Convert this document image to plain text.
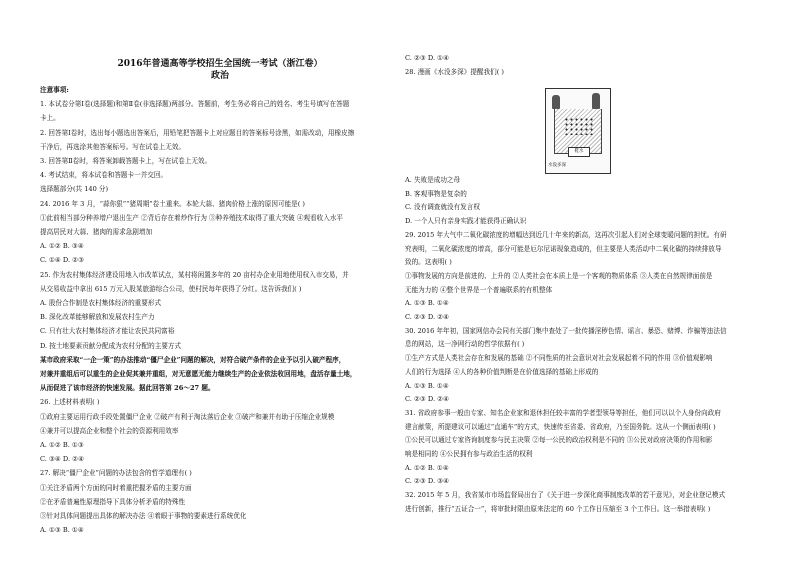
2016年普通高等学校招生全国统一考试（浙江卷）
政治
注意事项:
1. 本试卷分第Ⅰ卷(选择题)和第Ⅱ卷(非选择题)两部分。答题前，考生务必将自己的姓名、考生号填写在答题
卡上。
2. 回答第Ⅰ卷时，选出每小题选出答案后，用铅笔把答题卡上对应题目的答案标号涂黑，如需改动，用橡皮擦
干净后，再选涂其他答案标号。写在试卷上无效。
3. 回答第Ⅱ卷时，将答案卸载答题卡上，写在试卷上无效。
4. 考试结束，将本试卷和答题卡一并交回。
选择题部分(共 140 分)
24. 2016 年 3 月，“蒜你狠”“猪周期”卷土重来。本轮大蒜、猪肉价格上涨的原因可能是( )
①此前相当部分种养增户退出生产 ②背后存在着炒作行为 ③种养殖技术取得了重大突破 ④观看收入水平
提高居民对大蒜、猪肉的需求急剧增加
A. ①② B. ③④
C. ①④ D. ②③
25. 作为农村集体经济建设用地入市改革试点，某村将闲置多年的 20 亩村办企业用地使用权入市交易，并
从交易收益中拿出 615 万元入股某旅游综合公司，使村民每年获得了分红。这告诉我们( )
A. 股份合作制是农村集体经济的重要形式
B. 深化改革能够解放和发展农村生产力
C. 只有壮大农村集体经济才能让农民共同富裕
D. 按土地要素贡献分配成为农村分配的主要方式
某市政府采取“一企一策”的办法推动“僵尸企业”问题的解决，对符合破产条件的企业予以引入破产程序，
对兼并重组后可以重生的企业促其兼并重组，对无意愿无能力继续生产的企业依法收回用地，盘活存量土地，
从而促进了该市经济的快速发展。据此回答第 26～27 题。
26. 上述材料表明( )
①政府主要运用行政手段处置僵尸企业 ②破产有利于淘汰落后企业 ③破产和兼并有助于压缩企业规模
④兼并可以提高企业和整个社会的资源利用效率
A. ①② B. ①③
C. ③④ D. ②④
27. 解决“僵尸企业”问题的办法包含的哲学道理有( )
①关注矛盾两个方面的同时着重把握矛盾的主要方面
②在矛盾普遍性原理指导下具体分析矛盾的特殊性
③针对具体问题提出具体的解决办法 ④着眼于事物的要素进行系统优化
A. ①③ B. ①④
C. ②③ D. ①④
28. 漫画《水没多深》提醒我们( )
A. 失败是成功之母
B. 客观事物是复杂的
C. 没有调查就没有发言权
D. 一个人只有亲身实践才能获得正确认识
29. 2015 年大气中二氧化碳浓度的增幅达到近几十年来的新高，这再次引起人们对全球变暖问题的担忧。有研
究表明，二氧化碳浓度的增高，部分可能是厄尔尼诺现象造成的，但主要是人类活动中二氧化碳的持续排放导
致的。这表明( )
①事物发展的方向是前进的、上升的 ②人类社会在本质上是一个客观的物质体系 ③人类在自然规律面前是
无能为力的 ④整个世界是一个普遍联系的有机整体
A. ①③ B. ①④
C. ②③ D. ②④
30. 2016 年年初，国家网信办会同有关部门集中查处了一批传播淫秽色情、谣言、暴恐、赌博、诈骗等违法信
息的网站，这一净网行动的哲学依据有( )
①生产方式是人类社会存在和发展的基础 ②不同性质的社会意识对社会发展起着不同的作用 ③价值观影响
人们的行为选择 ④人的各种价值判断是在价值选择的基础上形成的
A. ①③ B. ①④
C. ②③ D. ②④
31. 省政府参事一般由专家、知名企业家和退休担任较丰富的学者型领导等担任，他们可以以个人身份向政府
建言献策，所提建议可以通过“直通车”的方式，快速传至省委、省政府，乃至国务院。这从一个侧面表明( )
①公民可以通过专家咨询制度参与民主决策 ②每一公民的政治权利是不同的 ③公民对政府决策的作用和影
响是相同的 ④公民拥有参与政治生活的权利
A. ①② B. ①④
C. ②③ D. ③④
32. 2015 年 5 月，我省某市市场监督局出台了《关于进一步深化商事制度改革的若干意见》，对企业登记模式
进行创新，推行“五证合一”，将审批时限由原来法定的 60 个工作日压缩至 3 个工作日。这一举措表明( )
鞋水
水没多深
